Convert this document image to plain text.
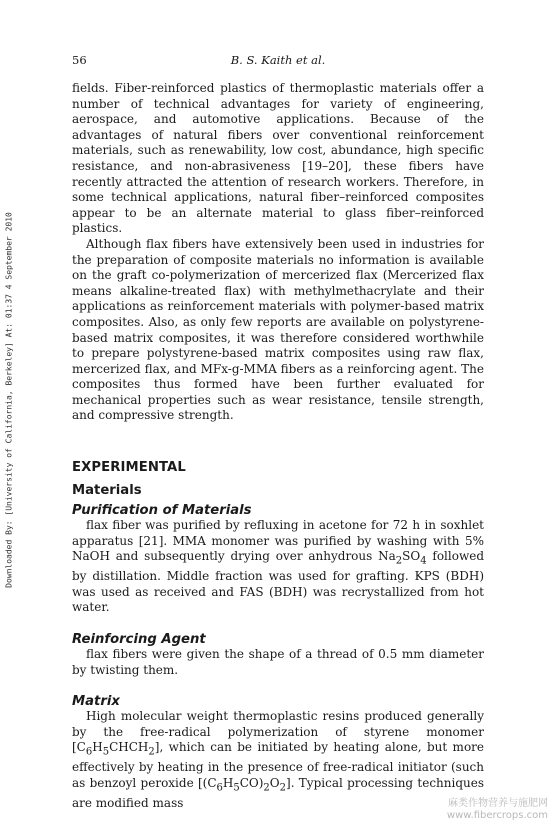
56	B. S. Kaith et al.
Downloaded By: [University of California, Berkeley] At: 01:37 4 September 2010

fields. Fiber-reinforced plastics of thermoplastic materials offer a number of technical advantages for variety of engineering, aerospace, and automotive applications. Because of the advantages of natural fibers over conventional reinforcement materials, such as renewability, low cost, abundance, high specific resistance, and non-abrasiveness [19–20], these fibers have recently attracted the attention of research workers. Therefore, in some technical applications, natural fiber–reinforced composites appear to be an alternate material to glass fiber–reinforced plastics.

Although flax fibers have extensively been used in industries for the preparation of composite materials no information is available on the graft co-polymerization of mercerized flax (Mercerized flax means alkaline-treated flax) with methylmethacrylate and their applications as reinforcement materials with polymer-based matrix composites. Also, as only few reports are available on polystyrene-based matrix composites, it was therefore considered worthwhile to prepare polystyrene-based matrix composites using raw flax, mercerized flax, and MFx-g-MMA fibers as a reinforcing agent. The composites thus formed have been further evaluated for mechanical properties such as wear resistance, tensile strength, and compressive strength.

EXPERIMENTAL
Materials
Purification of Materials

flax fiber was purified by refluxing in acetone for 72 h in soxhlet apparatus [21]. MMA monomer was purified by washing with 5% NaOH and subsequently drying over anhydrous $Na_2SO_4$ followed by distillation. Middle fraction was used for grafting. KPS (BDH) was used as received and FAS (BDH) was recrystallized from hot water.

Reinforcing Agent

flax fibers were given the shape of a thread of 0.5 mm diameter by twisting them.

Matrix

High molecular weight thermoplastic resins produced generally by the free-radical polymerization of styrene monomer $[C_6H_5CHCH_2]$, which can be initiated by heating alone, but more effectively by heating in the presence of free-radical initiator (such as benzoyl peroxide $[(C_6H_5CO)_2O_2]$. Typical processing techniques are modified mass	麻类作物营养与施肥网
www.fibercrops.com
